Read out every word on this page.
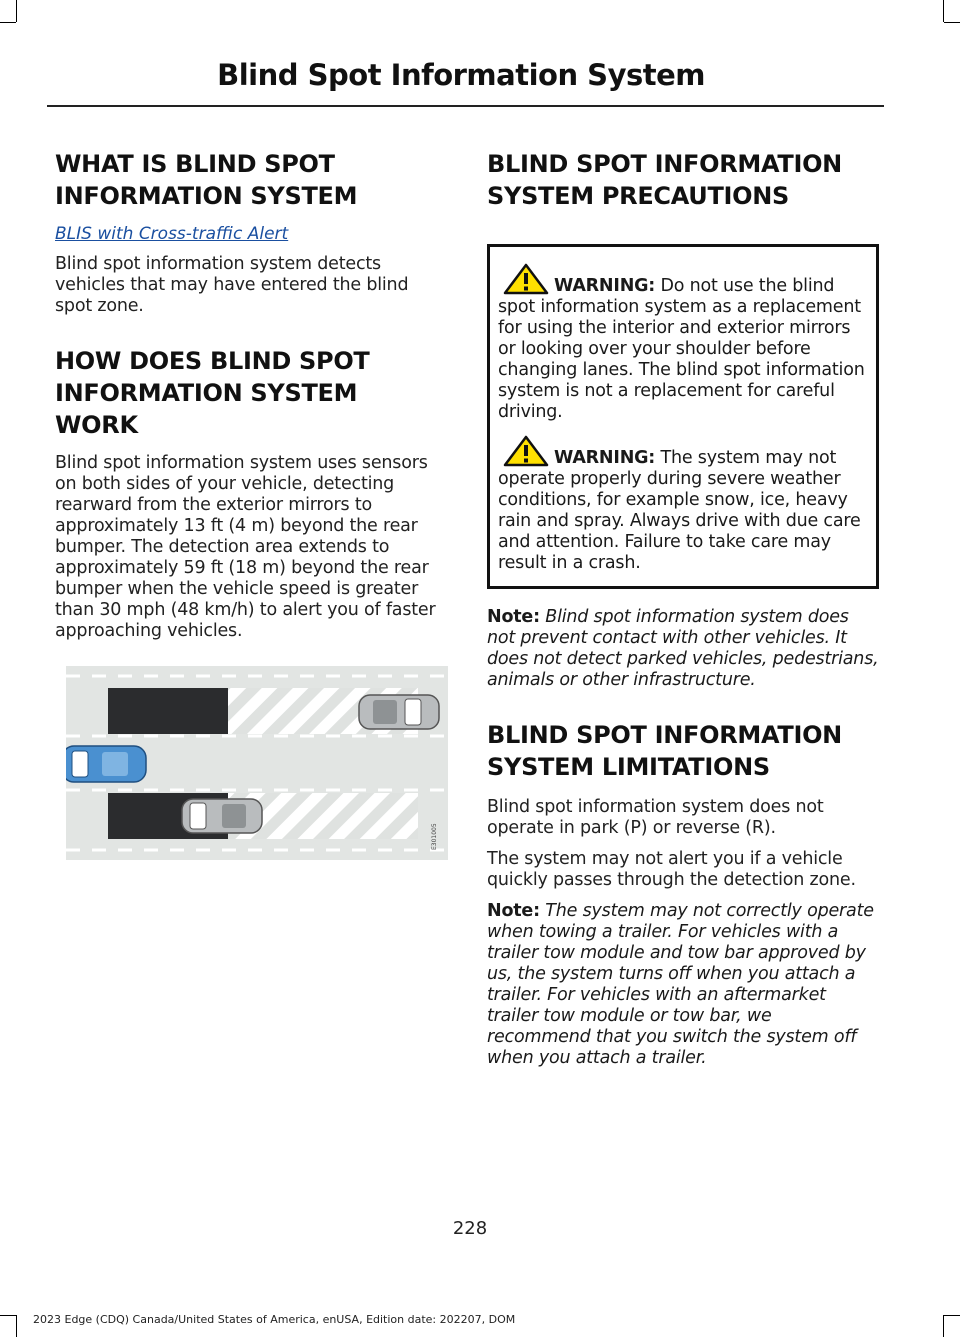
Blind Spot Information System
WHAT IS BLIND SPOT
INFORMATION SYSTEM
BLIS with Cross-traffic Alert

Blind spot information system detects vehicles that may have entered the blind spot zone.

HOW DOES BLIND SPOT
INFORMATION SYSTEM WORK

Blind spot information system uses sensors on both sides of your vehicle, detecting rearward from the exterior mirrors to approximately 13 ft (4 m) beyond the rear bumper. The detection area extends to approximately 59 ft (18 m) beyond the rear bumper when the vehicle speed is greater than 30 mph (48 km/h) to alert you of faster approaching vehicles.

E301005
BLIND SPOT INFORMATION
SYSTEM PRECAUTIONS
WARNING: Do not use the blind spot information system as a replacement for using the interior and exterior mirrors or looking over your shoulder before changing lanes. The blind spot information system is not a replacement for careful driving.
WARNING: The system may not operate properly during severe weather conditions, for example snow, ice, heavy rain and spray. Always drive with due care and attention. Failure to take care may result in a crash.
Note: Blind spot information system does not prevent contact with other vehicles. It does not detect parked vehicles, pedestrians, animals or other infrastructure.
BLIND SPOT INFORMATION
SYSTEM LIMITATIONS

Blind spot information system does not operate in park (P) or reverse (R).

The system may not alert you if a vehicle quickly passes through the detection zone.

Note: The system may not correctly operate when towing a trailer. For vehicles with a trailer tow module and tow bar approved by us, the system turns off when you attach a trailer. For vehicles with an aftermarket trailer tow module or tow bar, we recommend that you switch the system off when you attach a trailer.
228
2023 Edge (CDQ) Canada/United States of America, enUSA, Edition date: 202207, DOM
